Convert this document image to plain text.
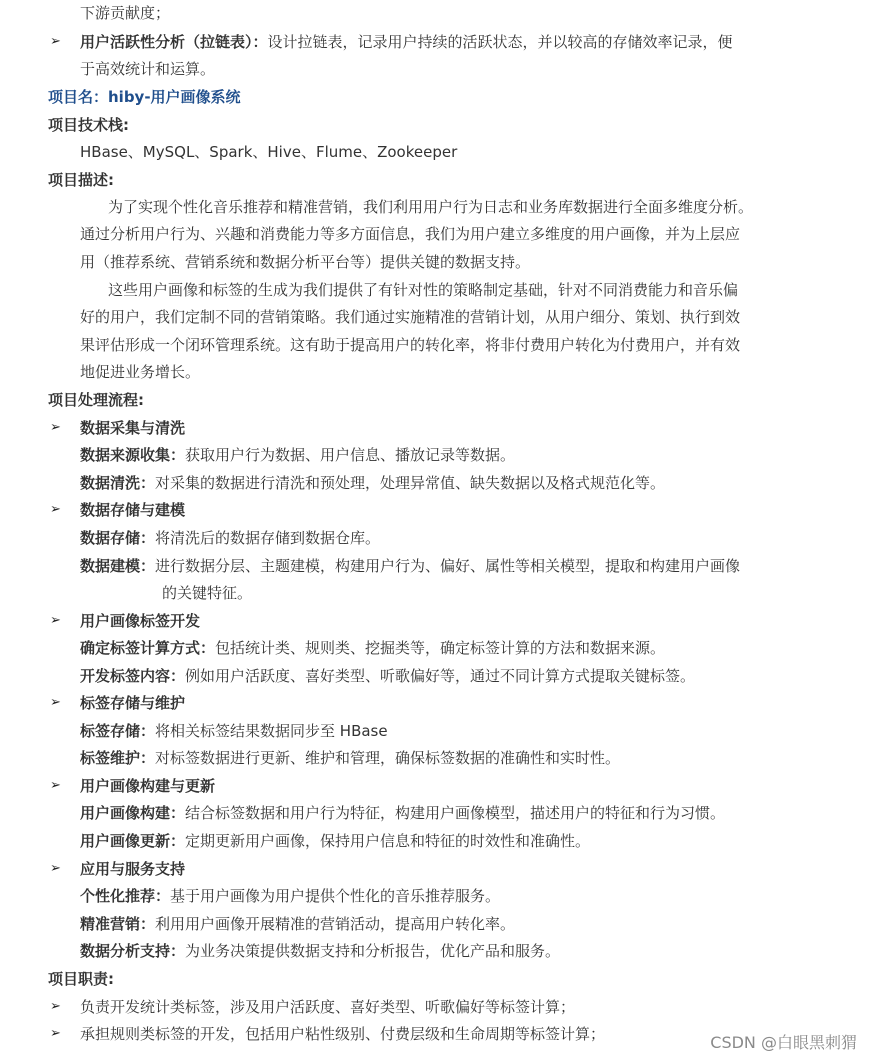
下游贡献度；
➢ 用户活跃性分析（拉链表）：设计拉链表，记录用户持续的活跃状态，并以较高的存储效率记录，便
于高效统计和运算。
项目名：hiby-用户画像系统
项目技术栈:
HBase、MySQL、Spark、Hive、Flume、Zookeeper
项目描述:
为了实现个性化音乐推荐和精准营销，我们利用用户行为日志和业务库数据进行全面多维度分析。
通过分析用户行为、兴趣和消费能力等多方面信息，我们为用户建立多维度的用户画像，并为上层应
用（推荐系统、营销系统和数据分析平台等）提供关键的数据支持。
这些用户画像和标签的生成为我们提供了有针对性的策略制定基础，针对不同消费能力和音乐偏
好的用户，我们定制不同的营销策略。我们通过实施精准的营销计划，从用户细分、策划、执行到效
果评估形成一个闭环管理系统。这有助于提高用户的转化率，将非付费用户转化为付费用户，并有效
地促进业务增长。
项目处理流程:
➢ 数据采集与清洗
数据来源收集：获取用户行为数据、用户信息、播放记录等数据。
数据清洗：对采集的数据进行清洗和预处理，处理异常值、缺失数据以及格式规范化等。
➢ 数据存储与建模
数据存储：将清洗后的数据存储到数据仓库。
数据建模：进行数据分层、主题建模，构建用户行为、偏好、属性等相关模型，提取和构建用户画像
的关键特征。
➢ 用户画像标签开发
确定标签计算方式：包括统计类、规则类、挖掘类等，确定标签计算的方法和数据来源。
开发标签内容：例如用户活跃度、喜好类型、听歌偏好等，通过不同计算方式提取关键标签。
➢ 标签存储与维护
标签存储：将相关标签结果数据同步至 HBase
标签维护：对标签数据进行更新、维护和管理，确保标签数据的准确性和实时性。
➢ 用户画像构建与更新
用户画像构建：结合标签数据和用户行为特征，构建用户画像模型，描述用户的特征和行为习惯。
用户画像更新：定期更新用户画像，保持用户信息和特征的时效性和准确性。
➢ 应用与服务支持
个性化推荐：基于用户画像为用户提供个性化的音乐推荐服务。
精准营销：利用用户画像开展精准的营销活动，提高用户转化率。
数据分析支持：为业务决策提供数据支持和分析报告，优化产品和服务。
项目职责:
➢ 负责开发统计类标签，涉及用户活跃度、喜好类型、听歌偏好等标签计算；
➢ 承担规则类标签的开发，包括用户粘性级别、付费层级和生命周期等标签计算；	CSDN @白眼黑刺猬
